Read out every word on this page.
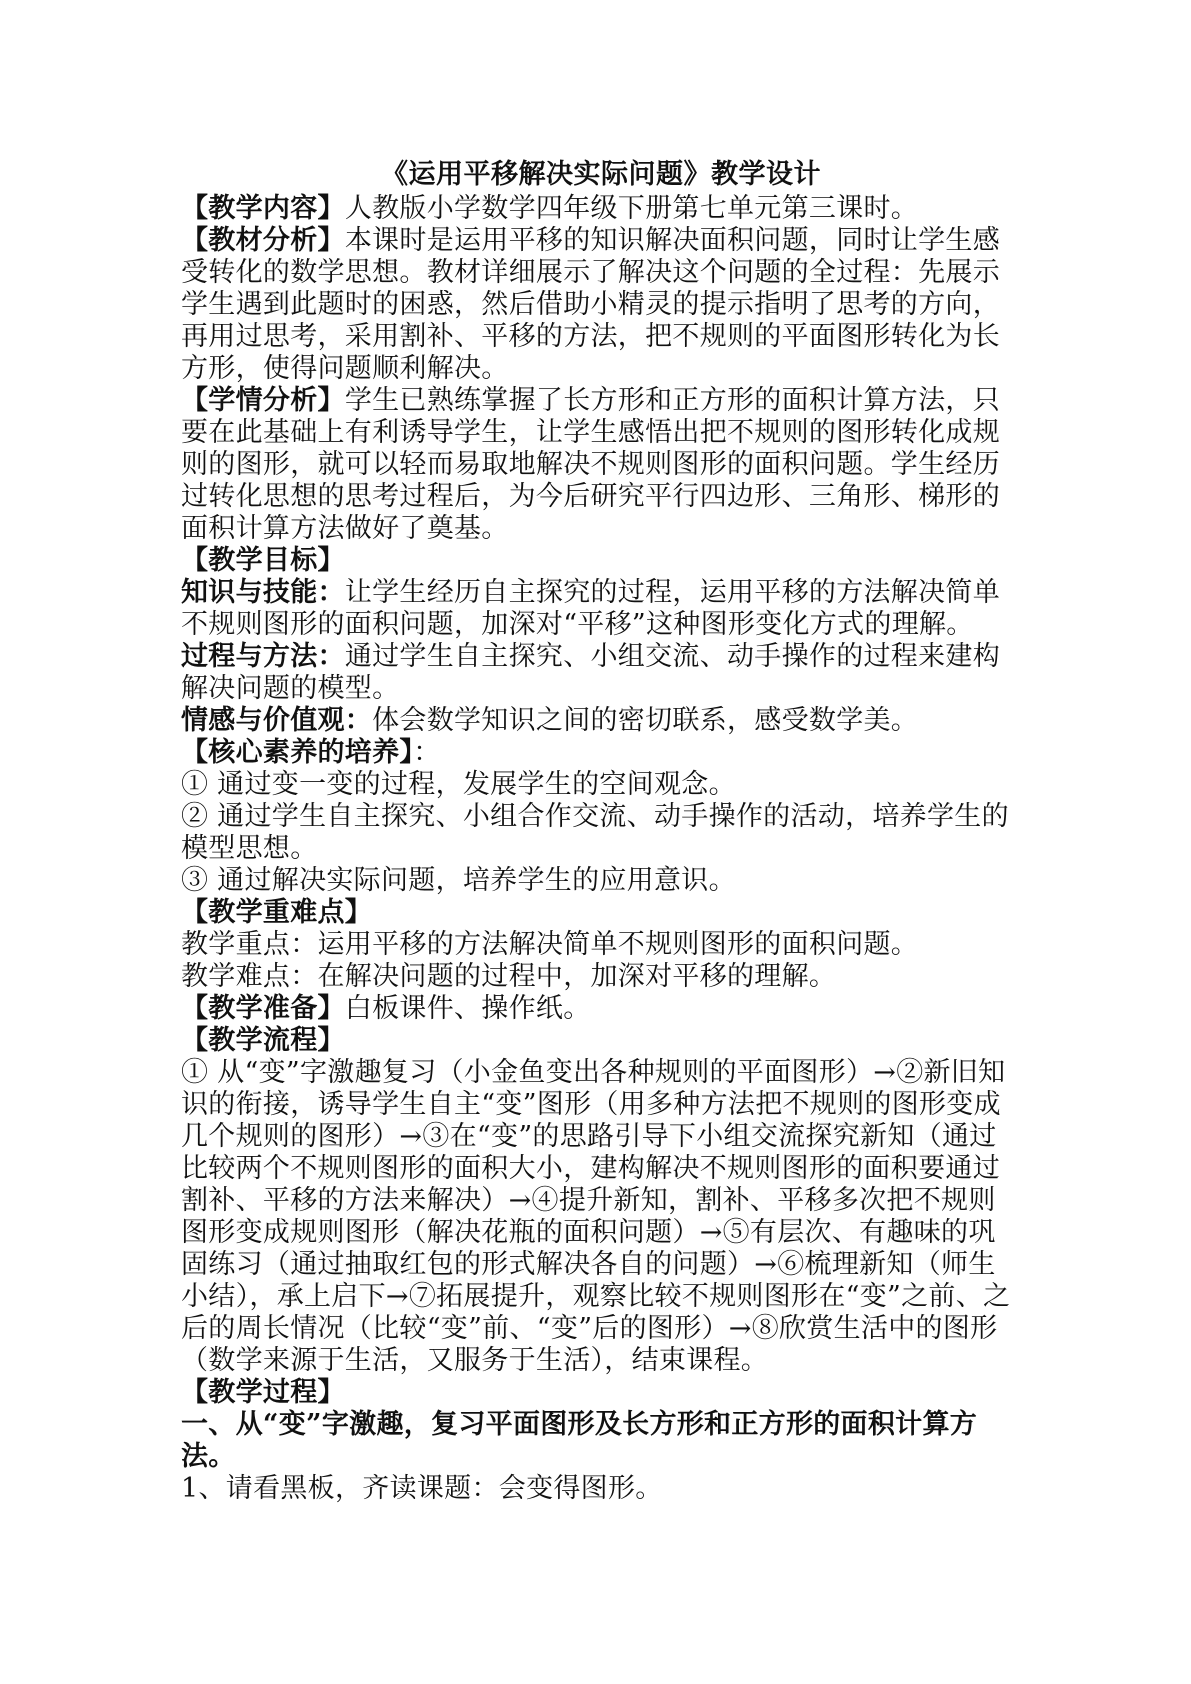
《运用平移解决实际问题》教学设计

【教学内容】人教版小学数学四年级下册第七单元第三课时。

【教材分析】本课时是运用平移的知识解决面积问题，同时让学生感受转化的数学思想。教材详细展示了解决这个问题的全过程：先展示学生遇到此题时的困惑，然后借助小精灵的提示指明了思考的方向，再用过思考，采用割补、平移的方法，把不规则的平面图形转化为长方形，使得问题顺利解决。

【学情分析】学生已熟练掌握了长方形和正方形的面积计算方法，只要在此基础上有利诱导学生，让学生感悟出把不规则的图形转化成规则的图形，就可以轻而易取地解决不规则图形的面积问题。学生经历过转化思想的思考过程后，为今后研究平行四边形、三角形、梯形的面积计算方法做好了奠基。

【教学目标】

知识与技能：让学生经历自主探究的过程，运用平移的方法解决简单　不规则图形的面积问题，加深对“平移”这种图形变化方式的理解。

过程与方法：通过学生自主探究、小组交流、动手操作的过程来建构解决问题的模型。

情感与价值观：体会数学知识之间的密切联系，感受数学美。

【核心素养的培养】：

① 通过变一变的过程，发展学生的空间观念。

② 通过学生自主探究、小组合作交流、动手操作的活动，培养学生的模型思想。

③ 通过解决实际问题，培养学生的应用意识。

【教学重难点】

教学重点：运用平移的方法解决简单不规则图形的面积问题。

教学难点：在解决问题的过程中，加深对平移的理解。

【教学准备】白板课件、操作纸。

【教学流程】

① 从“变”字激趣复习（小金鱼变出各种规则的平面图形）→②新旧知识的衔接，诱导学生自主“变”图形（用多种方法把不规则的图形变成几个规则的图形）→③在“变”的思路引导下小组交流探究新知（通过比较两个不规则图形的面积大小，建构解决不规则图形的面积要通过割补、平移的方法来解决）→④提升新知，割补、平移多次把不规则图形变成规则图形（解决花瓶的面积问题）→⑤有层次、有趣味的巩固练习（通过抽取红包的形式解决各自的问题）→⑥梳理新知（师生小结），承上启下→⑦拓展提升，观察比较不规则图形在“变”之前、之后的周长情况（比较“变”前、“变”后的图形）→⑧欣赏生活中的图形（数学来源于生活，又服务于生活），结束课程。

【教学过程】

一、从“变”字激趣，复习平面图形及长方形和正方形的面积计算方法。

1、请看黑板，齐读课题：会变得图形。
